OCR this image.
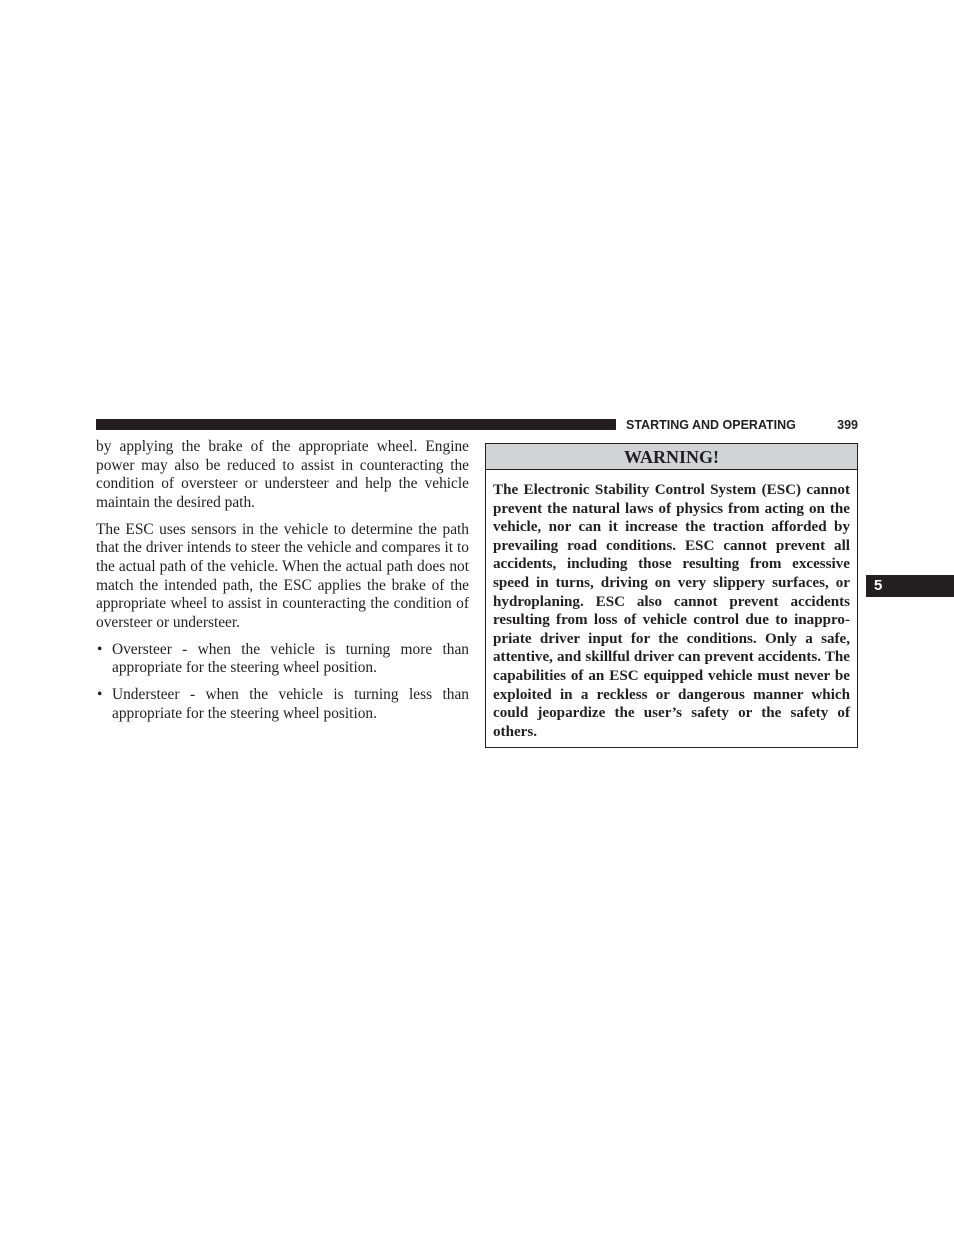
STARTING AND OPERATING	399

by applying the brake of the appropriate wheel. Engine power may also be reduced to assist in counteracting the condition of oversteer or understeer and help the vehicle maintain the desired path.

The ESC uses sensors in the vehicle to determine the path that the driver intends to steer the vehicle and compares it to the actual path of the vehicle. When the actual path does not match the intended path, the ESC applies the brake of the appropriate wheel to assist in counteracting the condition of oversteer or understeer.

• Oversteer - when the vehicle is turning more than appropriate for the steering wheel position.
• Understeer - when the vehicle is turning less than appropriate for the steering wheel position.
WARNING!
The Electronic Stability Control System (ESC) cannot prevent the natural laws of physics from acting on the vehicle, nor can it increase the traction afforded by prevailing road conditions. ESC cannot prevent all accidents, including those resulting from excessive speed in turns, driving on very slippery surfaces, or hydroplaning. ESC also cannot prevent accidents resulting from loss of vehicle control due to inappropriate driver input for the conditions. Only a safe, attentive, and skillful driver can prevent accidents. The capabilities of an ESC equipped vehicle must never be exploited in a reckless or dangerous manner which could jeopardize the user’s safety or the safety of others.
5
